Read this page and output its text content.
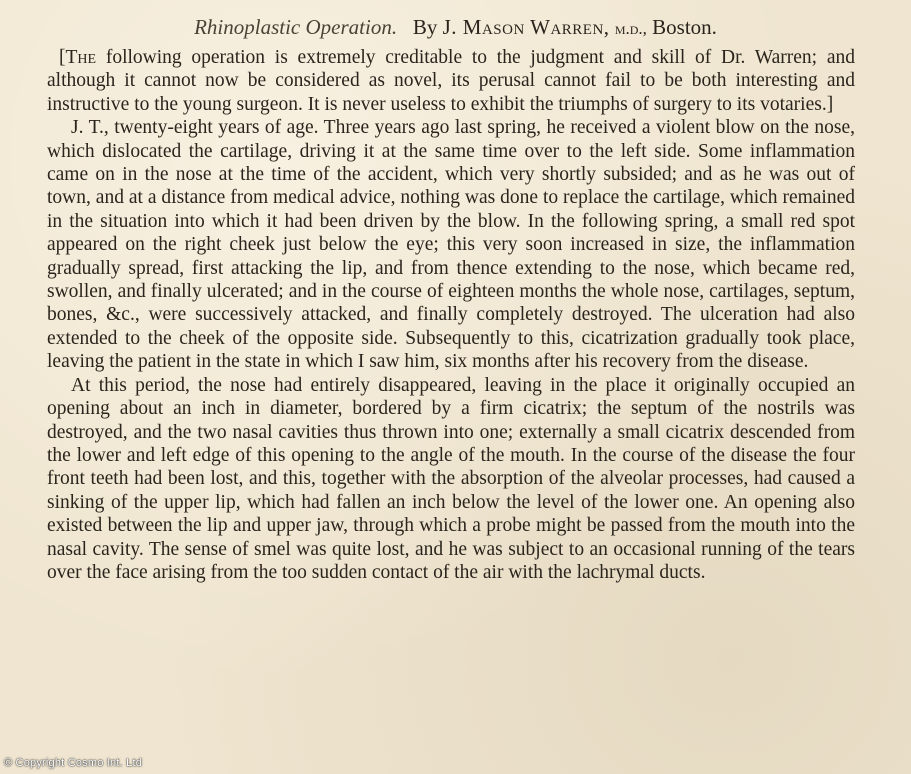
Rhinoplastic Operation. By J. Mason Warren, m.d., Boston.

[The following operation is extremely creditable to the judgment and skill of Dr. Warren; and although it cannot now be considered as novel, its perusal cannot fail to be both interesting and instructive to the young surgeon. It is never useless to exhibit the triumphs of surgery to its votaries.]

J. T., twenty-eight years of age. Three years ago last spring, he received a violent blow on the nose, which dislocated the cartilage, driving it at the same time over to the left side. Some inflammation came on in the nose at the time of the accident, which very shortly subsided; and as he was out of town, and at a distance from medical advice, nothing was done to replace the cartilage, which remained in the situation into which it had been driven by the blow. In the following spring, a small red spot appeared on the right cheek just below the eye; this very soon increased in size, the inflammation gradually spread, first attacking the lip, and from thence extending to the nose, which became red, swollen, and finally ulcerated; and in the course of eighteen months the whole nose, cartilages, septum, bones, &c., were successively attacked, and finally completely destroyed. The ulceration had also extended to the cheek of the opposite side. Subsequently to this, cicatrization gradually took place, leaving the patient in the state in which I saw him, six months after his recovery from the disease.

At this period, the nose had entirely disappeared, leaving in the place it originally occupied an opening about an inch in diameter, bordered by a firm cicatrix; the septum of the nostrils was destroyed, and the two nasal cavities thus thrown into one; externally a small cicatrix descended from the lower and left edge of this opening to the angle of the mouth. In the course of the disease the four front teeth had been lost, and this, together with the absorption of the alveolar processes, had caused a sinking of the upper lip, which had fallen an inch below the level of the lower one. An opening also existed between the lip and upper jaw, through which a probe might be passed from the mouth into the nasal cavity. The sense of smel was quite lost, and he was subject to an occasional running of the tears over the face arising from the too sudden contact of the air with the lachrymal ducts.

© Copyright Cosmo Int. Ltd
